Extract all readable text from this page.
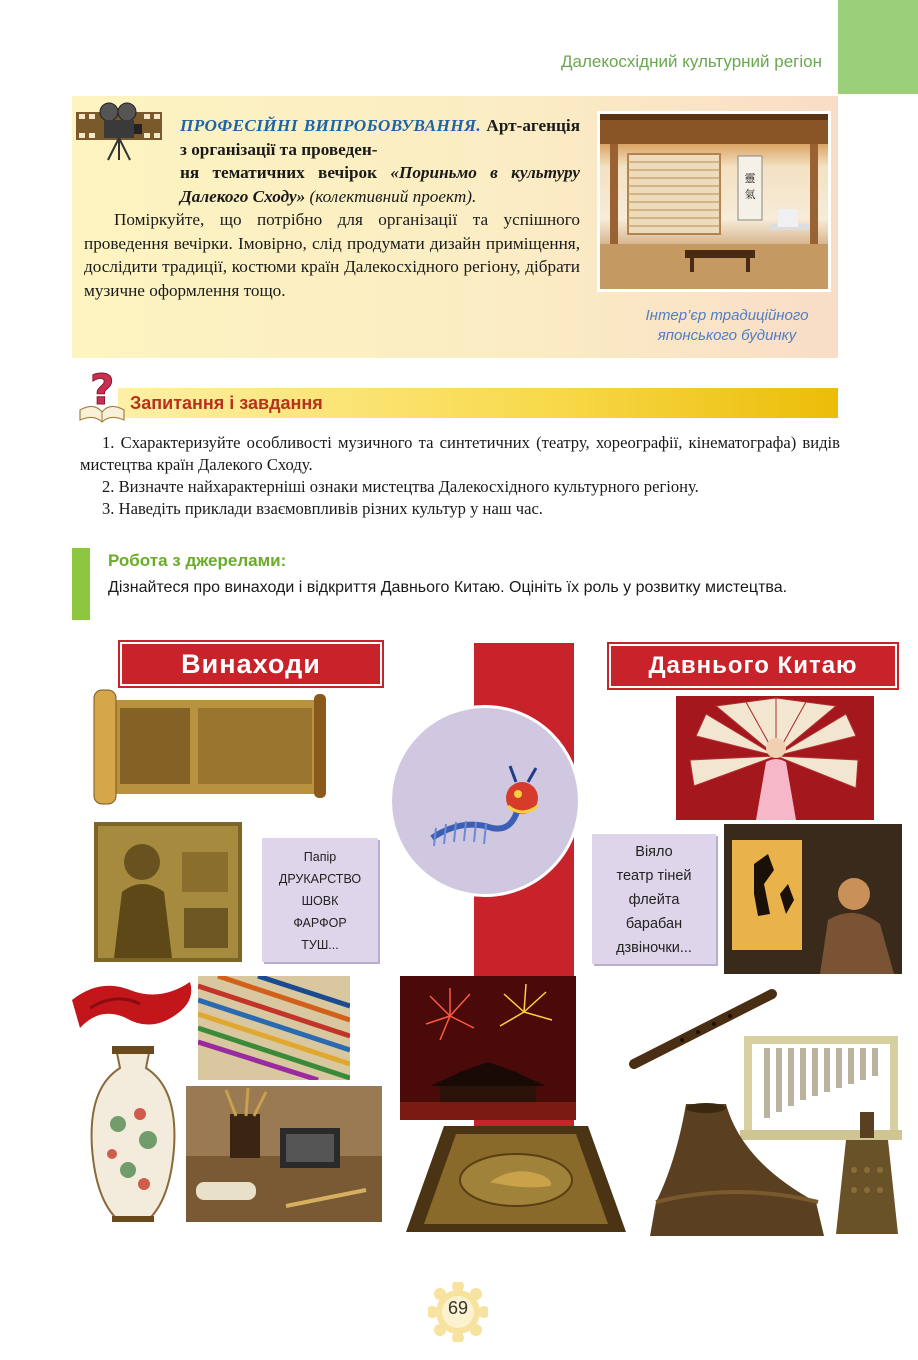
Далекосхідний культурний регіон
ПРОФЕСІЙНІ ВИПРОБОВУВАННЯ. Арт-агенція з організації та проведен-
ня тематичних вечірок «Пориньмо в культуру Далекого Сходу» (колективний проект).

Поміркуйте, що потрібно для організації та успішного проведення вечірки. Імовірно, слід продумати дизайн приміщення, дослідити традиції, костюми країн Далекосхідного регіону, дібрати музичне оформлення тощо.

靈
氣
Інтер’єр традиційного японського будинку
? Запитання і завдання

1. Схарактеризуйте особливості музичного та синтетичних (театру, хореографії, кінематографа) видів мистецтва країн Далекого Сходу.

2. Визначте найхарактерніші ознаки мистецтва Далекосхідного культурного регіону.

3. Наведіть приклади взаємовпливів різних культур у наш час.

Робота з джерелами:
Дізнайтеся про винаходи і відкриття Давнього Китаю. Оцініть їх роль у розвитку мистецтва.
Винаходи	Давнього Китаю
Папір
ДРУКАРСТВО
ШОВК
ФАРФОР
ТУШ...
Віяло
театр тіней
флейта
барабан
дзвіночки...
69
